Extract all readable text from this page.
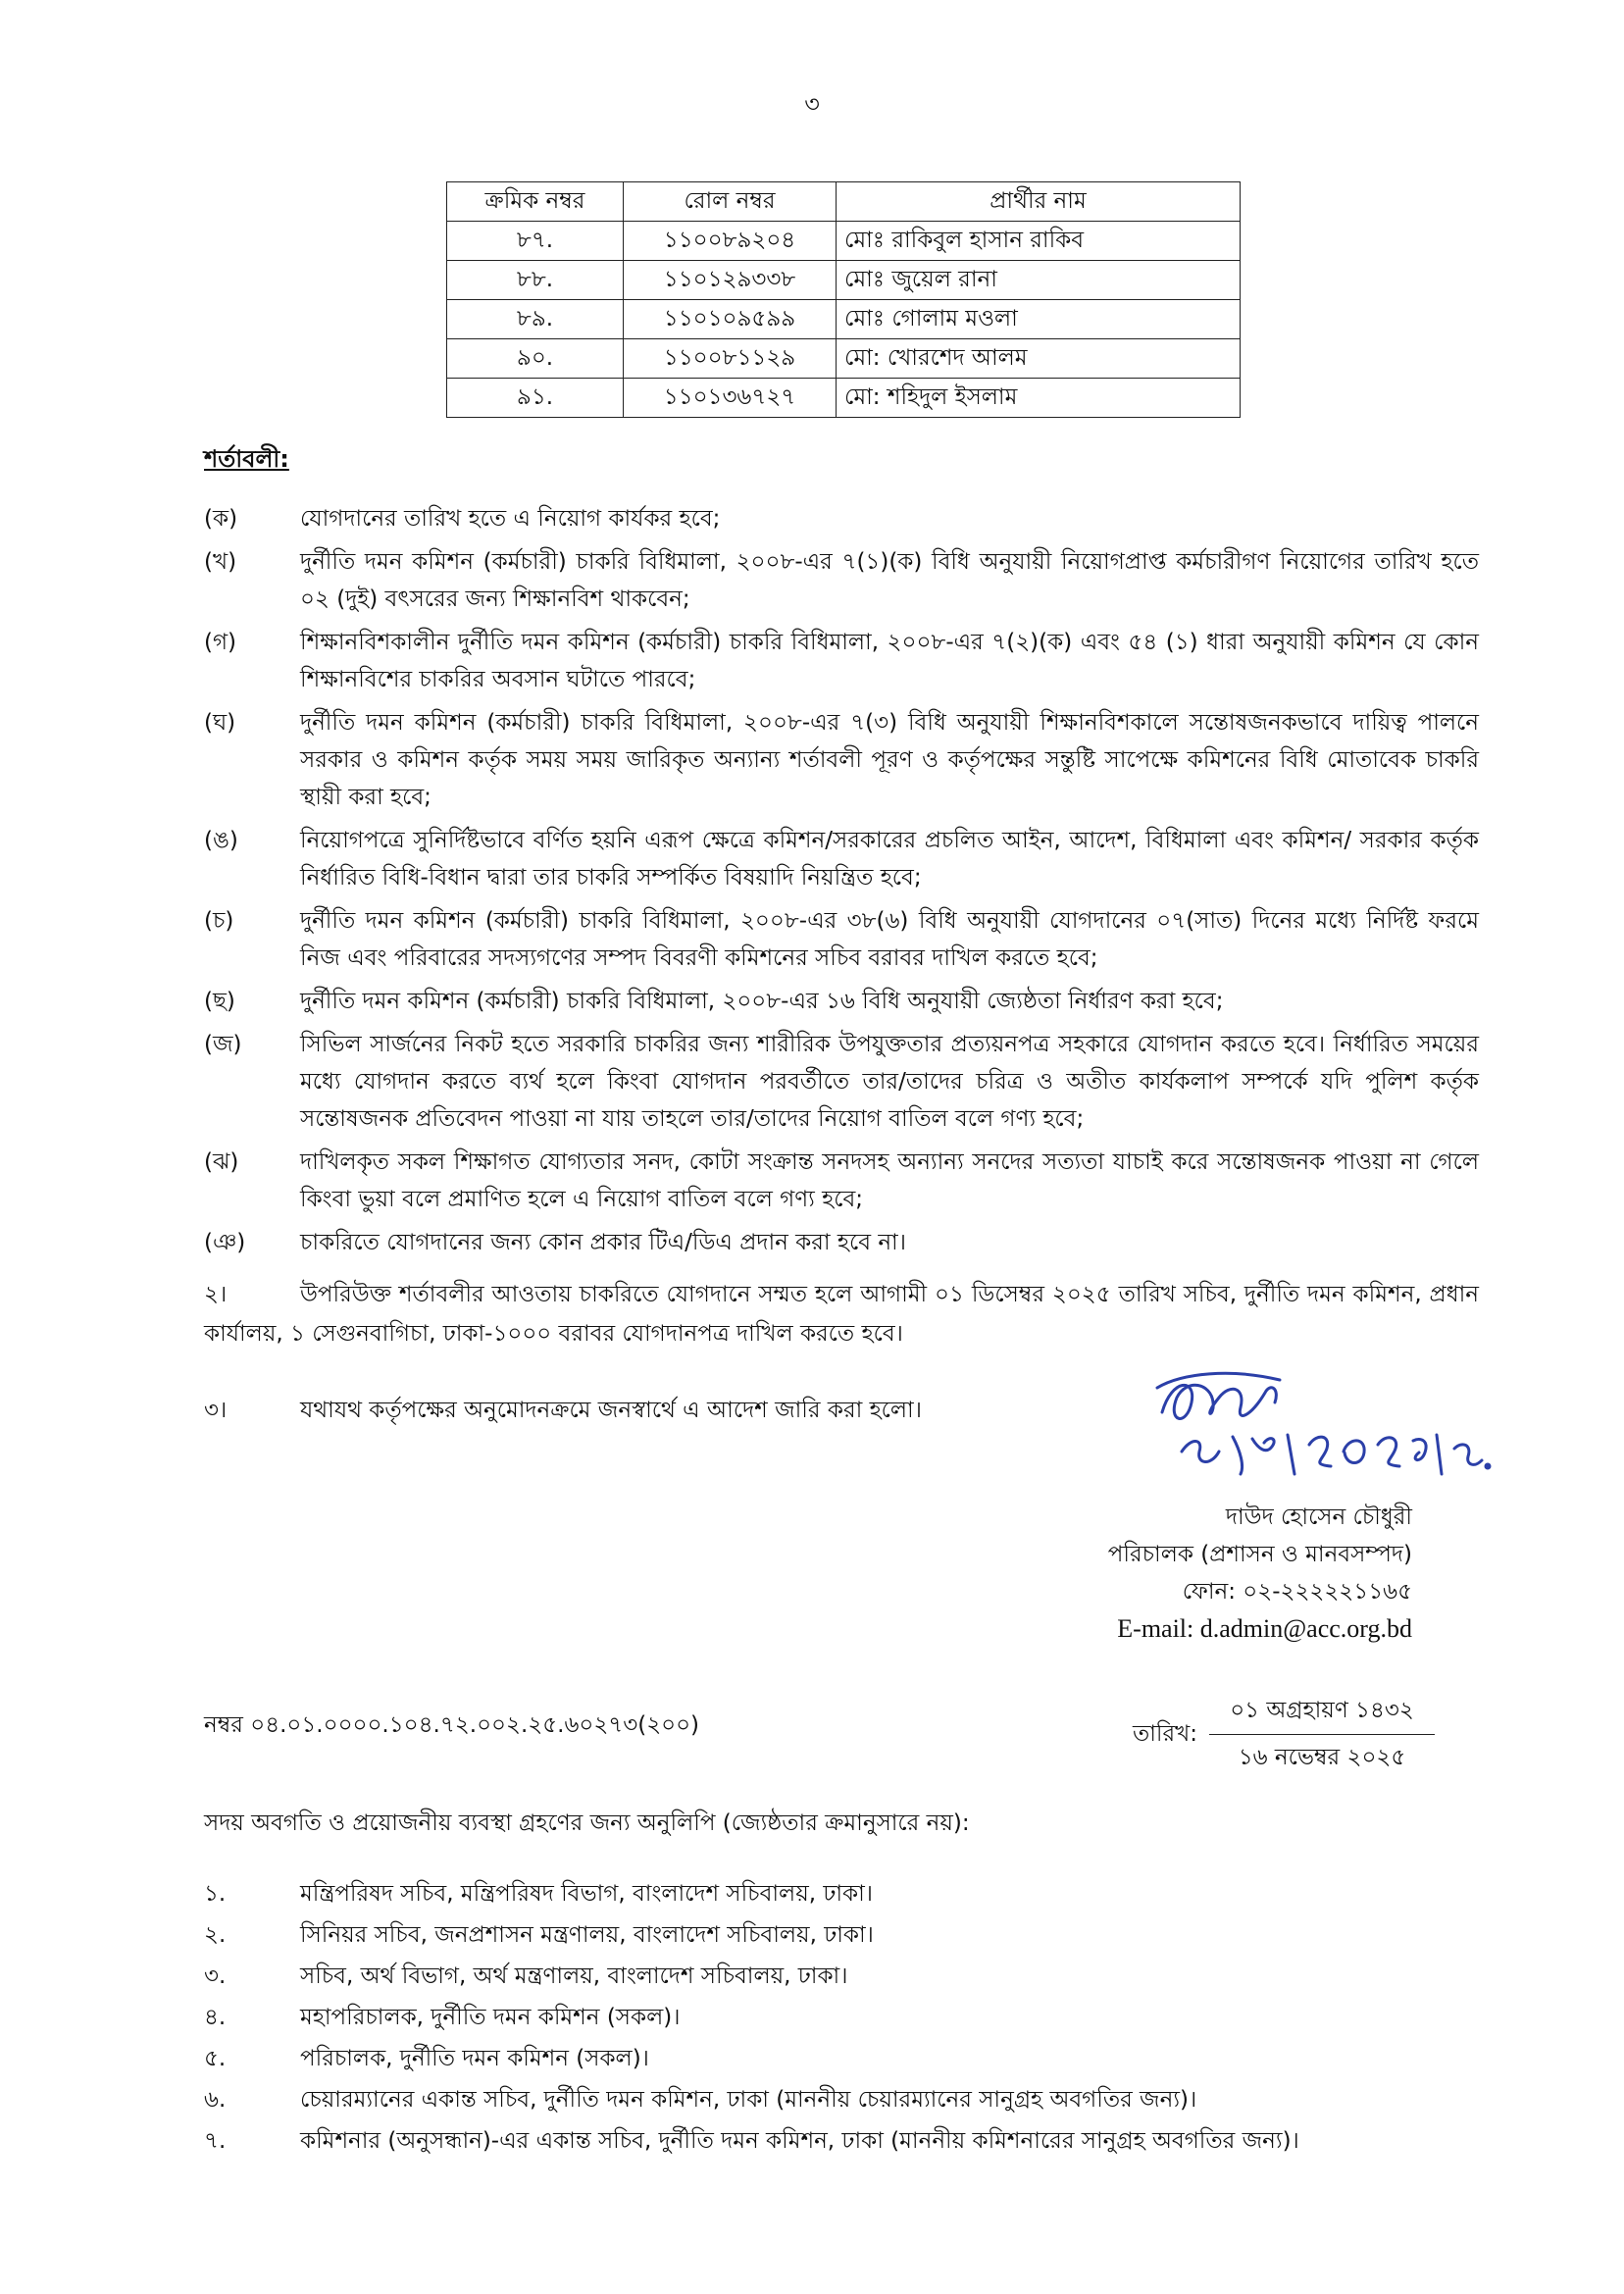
৩
ক্রমিক নম্বর	রোল নম্বর	প্রার্থীর নাম
৮৭.	১১০০৮৯২০৪	মোঃ রাকিবুল হাসান রাকিব
৮৮.	১১০১২৯৩৩৮	মোঃ জুয়েল রানা
৮৯.	১১০১০৯৫৯৯	মোঃ গোলাম মওলা
৯০.	১১০০৮১১২৯	মো: খোরশেদ আলম
৯১.	১১০১৩৬৭২৭	মো: শহিদুল ইসলাম
শর্তাবলী:
(ক)	যোগদানের তারিখ হতে এ নিয়োগ কার্যকর হবে;
(খ)	দুর্নীতি দমন কমিশন (কর্মচারী) চাকরি বিধিমালা, ২০০৮-এর ৭(১)(ক) বিধি অনুযায়ী নিয়োগপ্রাপ্ত কর্মচারীগণ নিয়োগের তারিখ হতে ০২ (দুই) বৎসরের জন্য শিক্ষানবিশ থাকবেন;
(গ)	শিক্ষানবিশকালীন দুর্নীতি দমন কমিশন (কর্মচারী) চাকরি বিধিমালা, ২০০৮-এর ৭(২)(ক) এবং ৫৪ (১) ধারা অনুযায়ী কমিশন যে কোন শিক্ষানবিশের চাকরির অবসান ঘটাতে পারবে;
(ঘ)	দুর্নীতি দমন কমিশন (কর্মচারী) চাকরি বিধিমালা, ২০০৮-এর ৭(৩) বিধি অনুযায়ী শিক্ষানবিশকালে সন্তোষজনকভাবে দায়িত্ব পালনে সরকার ও কমিশন কর্তৃক সময় সময় জারিকৃত অন্যান্য শর্তাবলী পূরণ ও কর্তৃপক্ষের সন্তুষ্টি সাপেক্ষে কমিশনের বিধি মোতাবেক চাকরি স্থায়ী করা হবে;
(ঙ)	নিয়োগপত্রে সুনির্দিষ্টভাবে বর্ণিত হয়নি এরূপ ক্ষেত্রে কমিশন/সরকারের প্রচলিত আইন, আদেশ, বিধিমালা এবং কমিশন/ সরকার কর্তৃক নির্ধারিত বিধি-বিধান দ্বারা তার চাকরি সম্পর্কিত বিষয়াদি নিয়ন্ত্রিত হবে;
(চ)	দুর্নীতি দমন কমিশন (কর্মচারী) চাকরি বিধিমালা, ২০০৮-এর ৩৮(৬) বিধি অনুযায়ী যোগদানের ০৭(সাত) দিনের মধ্যে নির্দিষ্ট ফরমে নিজ এবং পরিবারের সদস্যগণের সম্পদ বিবরণী কমিশনের সচিব বরাবর দাখিল করতে হবে;
(ছ)	দুর্নীতি দমন কমিশন (কর্মচারী) চাকরি বিধিমালা, ২০০৮-এর ১৬ বিধি অনুযায়ী জ্যেষ্ঠতা নির্ধারণ করা হবে;
(জ)	সিভিল সার্জনের নিকট হতে সরকারি চাকরির জন্য শারীরিক উপযুক্ততার প্রত্যয়নপত্র সহকারে যোগদান করতে হবে। নির্ধারিত সময়ের মধ্যে যোগদান করতে ব্যর্থ হলে কিংবা যোগদান পরবর্তীতে তার/তাদের চরিত্র ও অতীত কার্যকলাপ সম্পর্কে যদি পুলিশ কর্তৃক সন্তোষজনক প্রতিবেদন পাওয়া না যায় তাহলে তার/তাদের নিয়োগ বাতিল বলে গণ্য হবে;
(ঝ)	দাখিলকৃত সকল শিক্ষাগত যোগ্যতার সনদ, কোটা সংক্রান্ত সনদসহ অন্যান্য সনদের সত্যতা যাচাই করে সন্তোষজনক পাওয়া না গেলে কিংবা ভুয়া বলে প্রমাণিত হলে এ নিয়োগ বাতিল বলে গণ্য হবে;
(ঞ)	চাকরিতে যোগদানের জন্য কোন প্রকার টিএ/ডিএ প্রদান করা হবে না।
২।	উপরিউক্ত শর্তাবলীর আওতায় চাকরিতে যোগদানে সম্মত হলে আগামী ০১ ডিসেম্বর ২০২৫ তারিখ সচিব, দুর্নীতি দমন কমিশন, প্রধান কার্যালয়, ১ সেগুনবাগিচা, ঢাকা-১০০০ বরাবর যোগদানপত্র দাখিল করতে হবে।
৩।	যথাযথ কর্তৃপক্ষের অনুমোদনক্রমে জনস্বার্থে এ আদেশ জারি করা হলো।
দাউদ হোসেন চৌধুরী
পরিচালক (প্রশাসন ও মানবসম্পদ)
ফোন: ০২-২২২২২১১৬৫
E-mail: d.admin@acc.org.bd
নম্বর ০৪.০১.০০০০.১০৪.৭২.০০২.২৫.৬০২৭৩(২০০)	তারিখ:
০১ অগ্রহায়ণ ১৪৩২
১৬ নভেম্বর ২০২৫
সদয় অবগতি ও প্রয়োজনীয় ব্যবস্থা গ্রহণের জন্য অনুলিপি (জ্যেষ্ঠতার ক্রমানুসারে নয়):
১.	মন্ত্রিপরিষদ সচিব, মন্ত্রিপরিষদ বিভাগ, বাংলাদেশ সচিবালয়, ঢাকা।
২.	সিনিয়র সচিব, জনপ্রশাসন মন্ত্রণালয়, বাংলাদেশ সচিবালয়, ঢাকা।
৩.	সচিব, অর্থ বিভাগ, অর্থ মন্ত্রণালয়, বাংলাদেশ সচিবালয়, ঢাকা।
৪.	মহাপরিচালক, দুর্নীতি দমন কমিশন (সকল)।
৫.	পরিচালক, দুর্নীতি দমন কমিশন (সকল)।
৬.	চেয়ারম্যানের একান্ত সচিব, দুর্নীতি দমন কমিশন, ঢাকা (মাননীয় চেয়ারম্যানের সানুগ্রহ অবগতির জন্য)।
৭.	কমিশনার (অনুসন্ধান)-এর একান্ত সচিব, দুর্নীতি দমন কমিশন, ঢাকা (মাননীয় কমিশনারের সানুগ্রহ অবগতির জন্য)।
